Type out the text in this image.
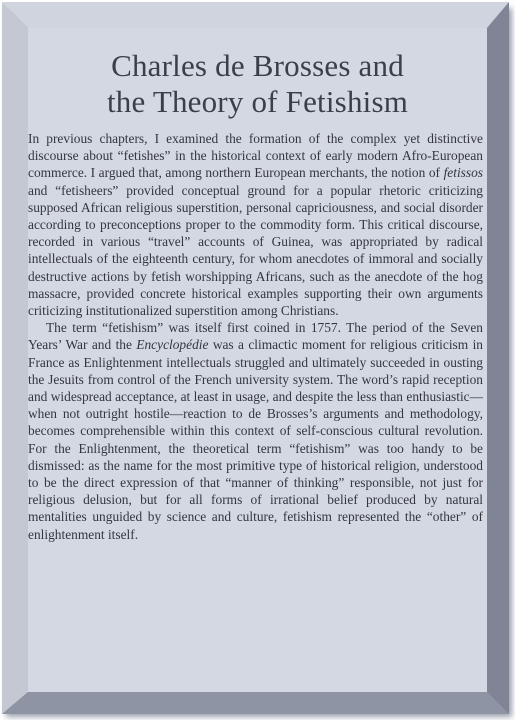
Charles de Brosses and
the Theory of Fetishism

In previous chapters, I examined the formation of the complex yet distinctive discourse about “fetishes” in the historical context of early modern Afro-European commerce. I argued that, among northern European merchants, the notion of fetissos and “fetisheers” provided conceptual ground for a popular rhetoric criticizing supposed African religious superstition, personal capriciousness, and social disorder according to preconceptions proper to the commodity form. This critical discourse, recorded in various “travel” accounts of Guinea, was appropriated by radical intellectuals of the eighteenth century, for whom anecdotes of immoral and socially destructive actions by fetish worshipping Africans, such as the anecdote of the hog massacre, provided concrete historical examples supporting their own arguments criticizing institutionalized superstition among Christians.

The term “fetishism” was itself first coined in 1757. The period of the Seven Years’ War and the Encyclopédie was a climactic moment for religious criticism in France as Enlightenment intellectuals struggled and ultimately succeeded in ousting the Jesuits from control of the French university system. The word’s rapid reception and widespread acceptance, at least in usage, and despite the less than enthusiastic—when not outright hostile—reaction to de Brosses’s arguments and methodology, becomes comprehensible within this context of self-conscious cultural revolution. For the Enlightenment, the theoretical term “fetishism” was too handy to be dismissed: as the name for the most primitive type of historical religion, understood to be the direct expression of that “manner of thinking” responsible, not just for religious delusion, but for all forms of irrational belief produced by natural mentalities unguided by science and culture, fetishism represented the “other” of enlightenment itself.
